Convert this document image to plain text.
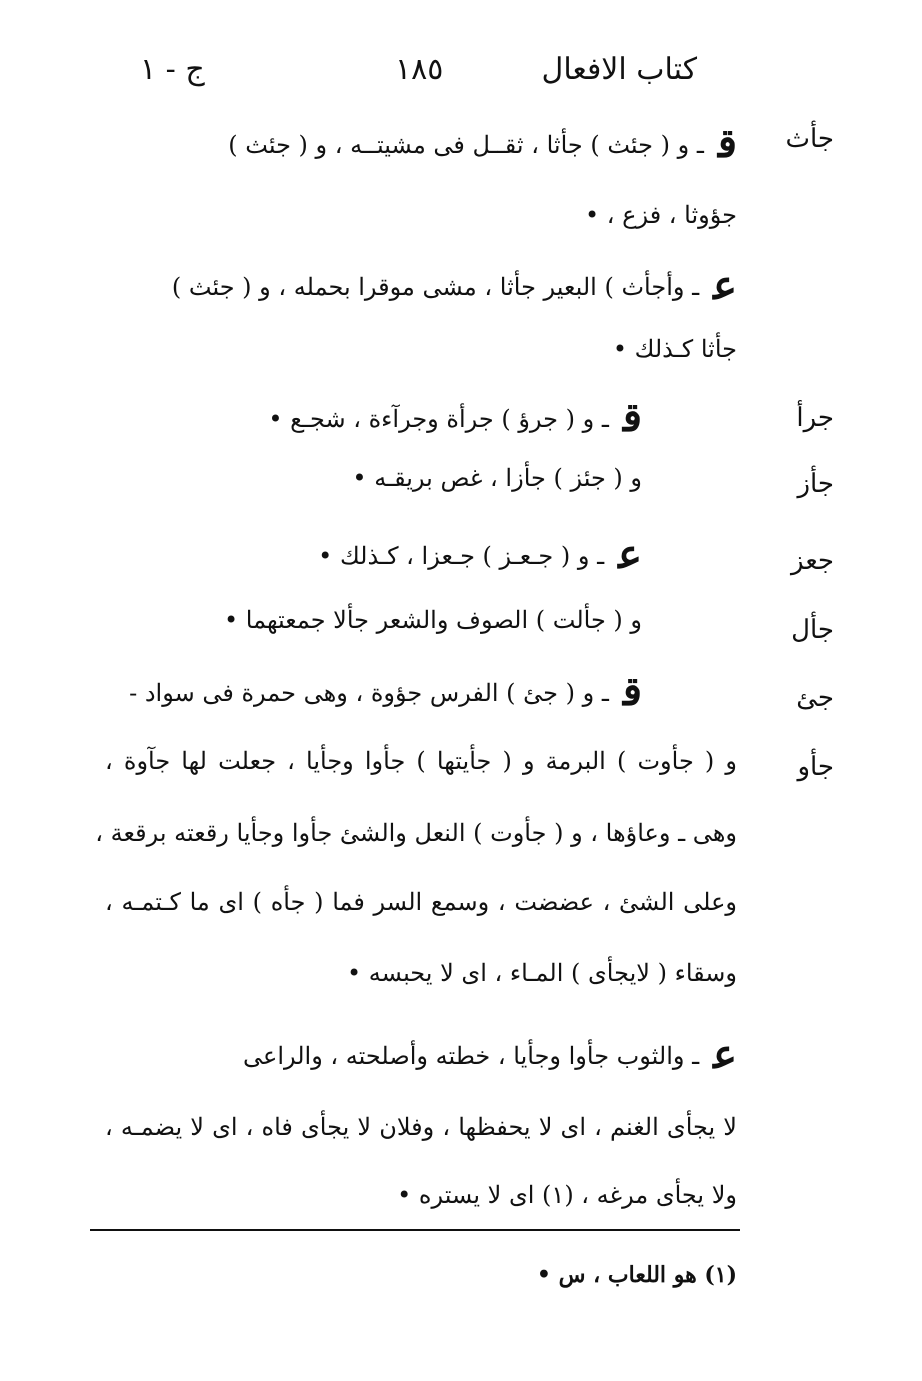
كتاب الافعال
١٨٥
ج - ١
جأث
قـ و ( جئث ) جأثا ، ثقــل فى مشيتــه ، و ( جئث )
جؤوثا ، فزع ، •
عـ وأجأث ) البعير جأثا ، مشى موقرا بحمله ، و ( جئث )
جأثا كـذلك •
جرأ
قـ و ( جرؤ ) جرأة وجرآءة ، شجـع •
جأز
و ( جئز ) جأزا ، غص بريقـه •
جعز
عـ و ( جـعـز ) جـعزا ، كـذلك •
جأل
و ( جألت ) الصوف والشعر جألا جمعتهما •
جئ
قـ و ( جئ ) الفرس جؤوة ، وهى حمرة فى سواد -
جأو
و ( جأوت ) البرمة و ( جأيتها ) جأوا وجأيا ، جعلت لها جآوة ،
وهى ـ وعاؤها ، و ( جأوت ) النعل والشئ جأوا وجأيا رقعته برقعة ،
وعلى الشئ ، عضضت ، وسمع السر فما ( جأه ) اى ما كـتمـه ،
وسقاء ( لايجأى ) المـاء ، اى لا يحبسه •
عـ والثوب جأوا وجأيا ، خطته وأصلحته ، والراعى
لا يجأى الغنم ، اى لا يحفظها ، وفلان لا يجأى فاه ، اى لا يضمـه ،
ولا يجأى مرغه ، (١) اى لا يستره •
(١) هو اللعاب ، س •
